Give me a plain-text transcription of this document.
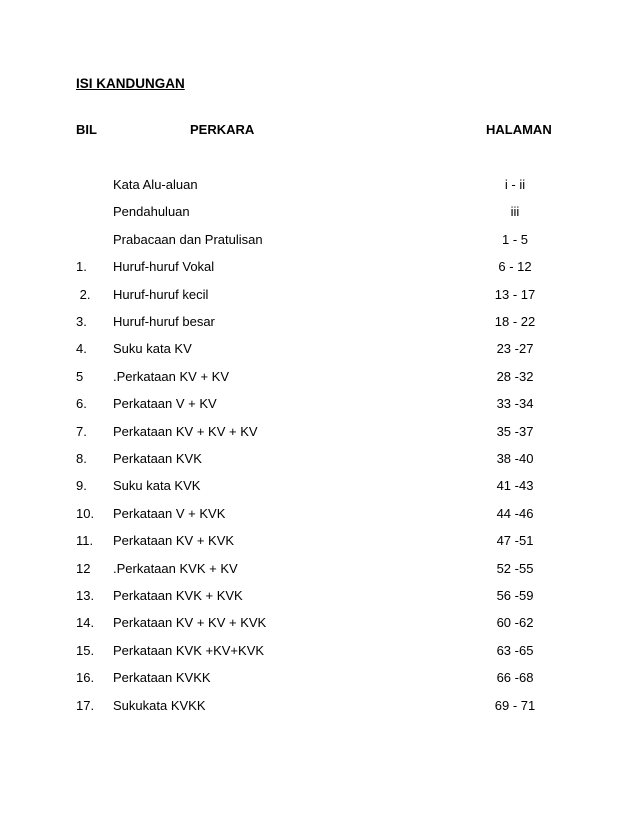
ISI KANDUNGAN
BIL	PERKARA	HALAMAN
Kata Alu-aluan	i - ii
Pendahuluan	iii
Prabacaan dan Pratulisan	1 - 5
1. Huruf-huruf Vokal	6 - 12
2. Huruf-huruf kecil	13 - 17
3. Huruf-huruf besar	18 - 22
4. Suku kata KV	23 -27
5 .Perkataan KV + KV	28 -32
6. Perkataan V + KV	33 -34
7. Perkataan KV + KV + KV	35 -37
8. Perkataan KVK	38 -40
9. Suku kata KVK	41 -43
10. Perkataan V + KVK	44 -46
11. Perkataan KV + KVK	47 -51
12 .Perkataan KVK + KV	52 -55
13. Perkataan KVK + KVK	56 -59
14. Perkataan KV + KV + KVK	60 -62
15. Perkataan KVK +KV+KVK	63 -65
16. Perkataan KVKK	66 -68
17. Sukukata KVKK	69 - 71
